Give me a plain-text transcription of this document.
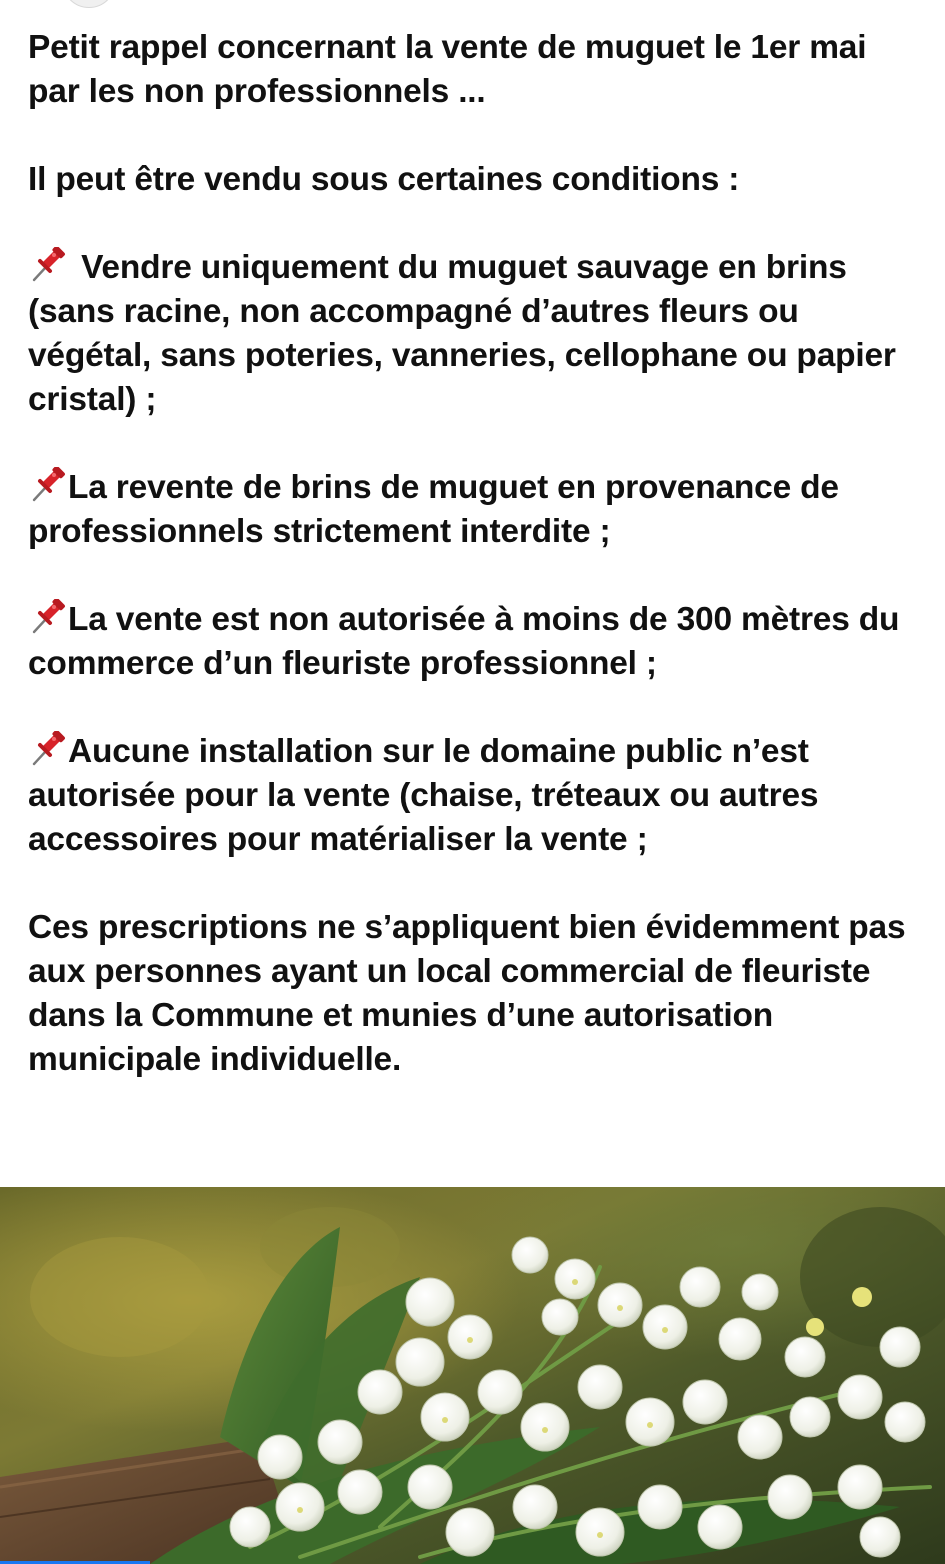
Petit rappel concernant la vente de muguet le 1er mai par les non professionnels ...
Il peut être vendu sous certaines conditions :
Vendre uniquement du muguet sauvage en brins (sans racine, non accompagné d’autres fleurs ou végétal, sans poteries, vanneries, cellophane ou papier cristal) ;
La revente de brins de muguet en provenance de professionnels strictement interdite ;
La vente est non autorisée à moins de 300 mètres du commerce d’un fleuriste professionnel ;
Aucune installation sur le domaine public n’est autorisée pour la vente (chaise, tréteaux ou autres accessoires pour matérialiser la vente ;
Ces prescriptions ne s’appliquent bien évidemment pas aux personnes ayant un local commercial de fleuriste dans la Commune et munies d’une autorisation municipale individuelle.
